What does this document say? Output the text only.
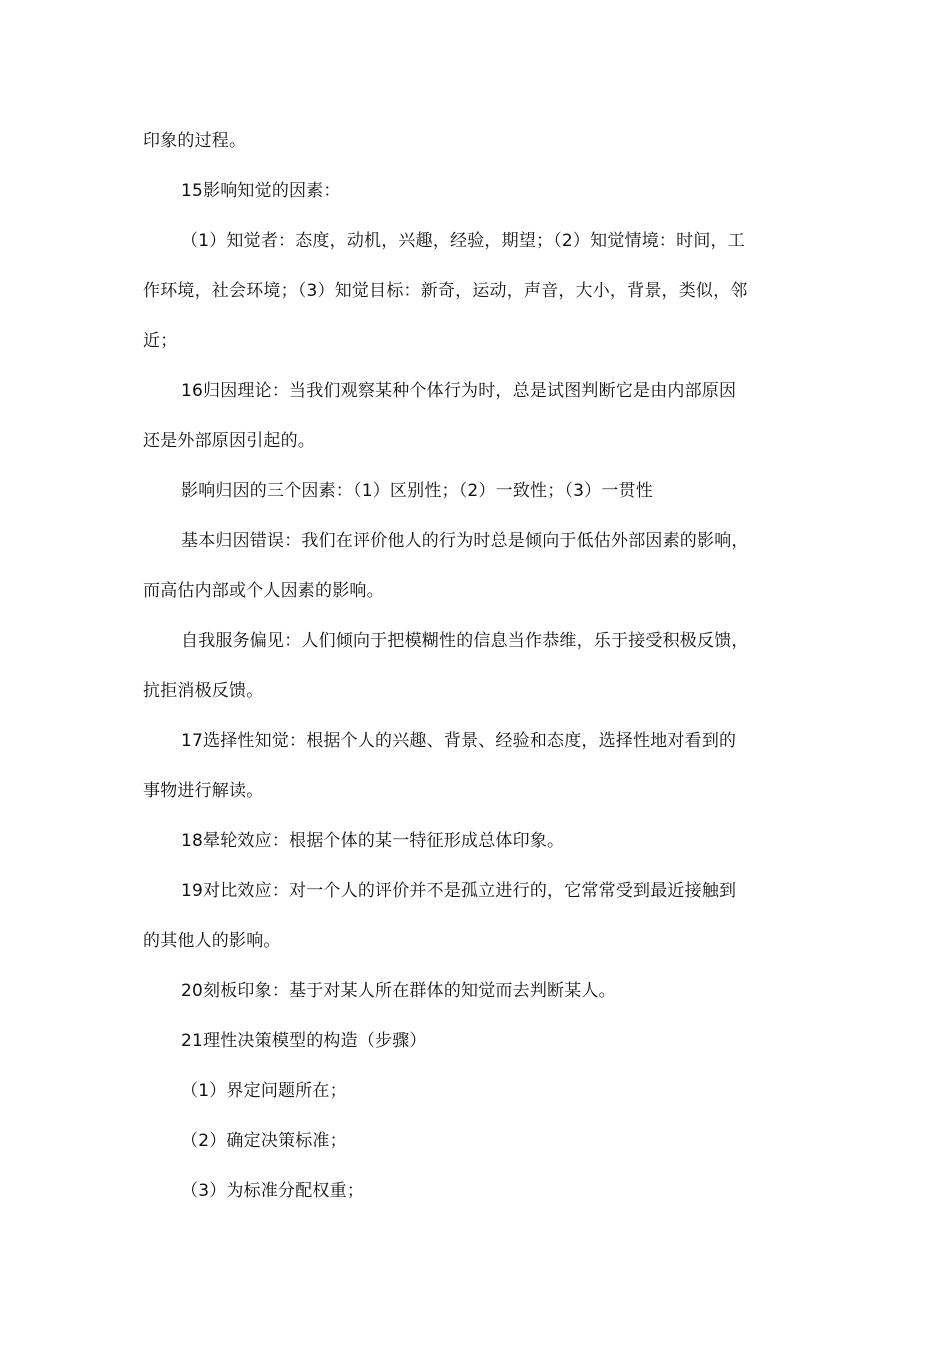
印象的过程。
15影响知觉的因素：
（1）知觉者：态度，动机，兴趣，经验，期望；（2）知觉情境：时间，工
作环境，社会环境；（3）知觉目标：新奇，运动，声音，大小，背景，类似，邻
近；
16归因理论：当我们观察某种个体行为时，总是试图判断它是由内部原因
还是外部原因引起的。
影响归因的三个因素：（1）区别性；（2）一致性；（3）一贯性
基本归因错误：我们在评价他人的行为时总是倾向于低估外部因素的影响，
而高估内部或个人因素的影响。
自我服务偏见：人们倾向于把模糊性的信息当作恭维，乐于接受积极反馈，
抗拒消极反馈。
17选择性知觉：根据个人的兴趣、背景、经验和态度，选择性地对看到的
事物进行解读。
18晕轮效应：根据个体的某一特征形成总体印象。
19对比效应：对一个人的评价并不是孤立进行的，它常常受到最近接触到
的其他人的影响。
20刻板印象：基于对某人所在群体的知觉而去判断某人。
21理性决策模型的构造（步骤）
（1）界定问题所在；
（2）确定决策标准；
（3）为标准分配权重；
